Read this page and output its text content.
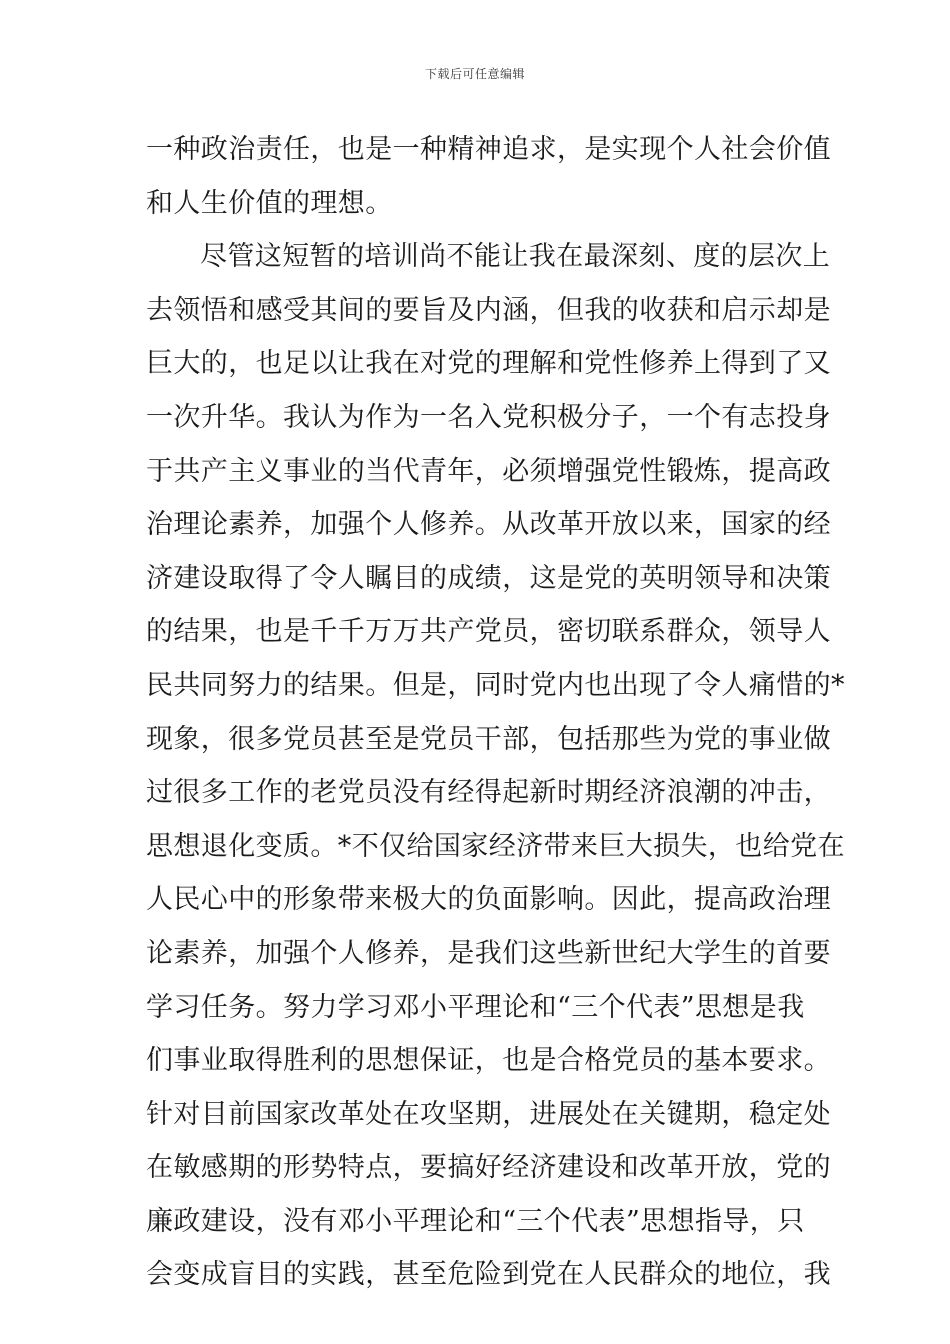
下载后可任意编辑
一种政治责任，也是一种精神追求，是实现个人社会价值
和人生价值的理想。
尽管这短暂的培训尚不能让我在最深刻、度的层次上
去领悟和感受其间的要旨及内涵，但我的收获和启示却是
巨大的，也足以让我在对党的理解和党性修养上得到了又
一次升华。我认为作为一名入党积极分子，一个有志投身
于共产主义事业的当代青年，必须增强党性锻炼，提高政
治理论素养，加强个人修养。从改革开放以来，国家的经
济建设取得了令人瞩目的成绩，这是党的英明领导和决策
的结果，也是千千万万共产党员，密切联系群众，领导人
民共同努力的结果。但是，同时党内也出现了令人痛惜的*
现象，很多党员甚至是党员干部，包括那些为党的事业做
过很多工作的老党员没有经得起新时期经济浪潮的冲击，
思想退化变质。*不仅给国家经济带来巨大损失，也给党在
人民心中的形象带来极大的负面影响。因此，提高政治理
论素养，加强个人修养，是我们这些新世纪大学生的首要
学习任务。努力学习邓小平理论和“三个代表”思想是我
们事业取得胜利的思想保证，也是合格党员的基本要求。
针对目前国家改革处在攻坚期，进展处在关键期，稳定处
在敏感期的形势特点，要搞好经济建设和改革开放，党的
廉政建设，没有邓小平理论和“三个代表”思想指导，只
会变成盲目的实践，甚至危险到党在人民群众的地位，我
